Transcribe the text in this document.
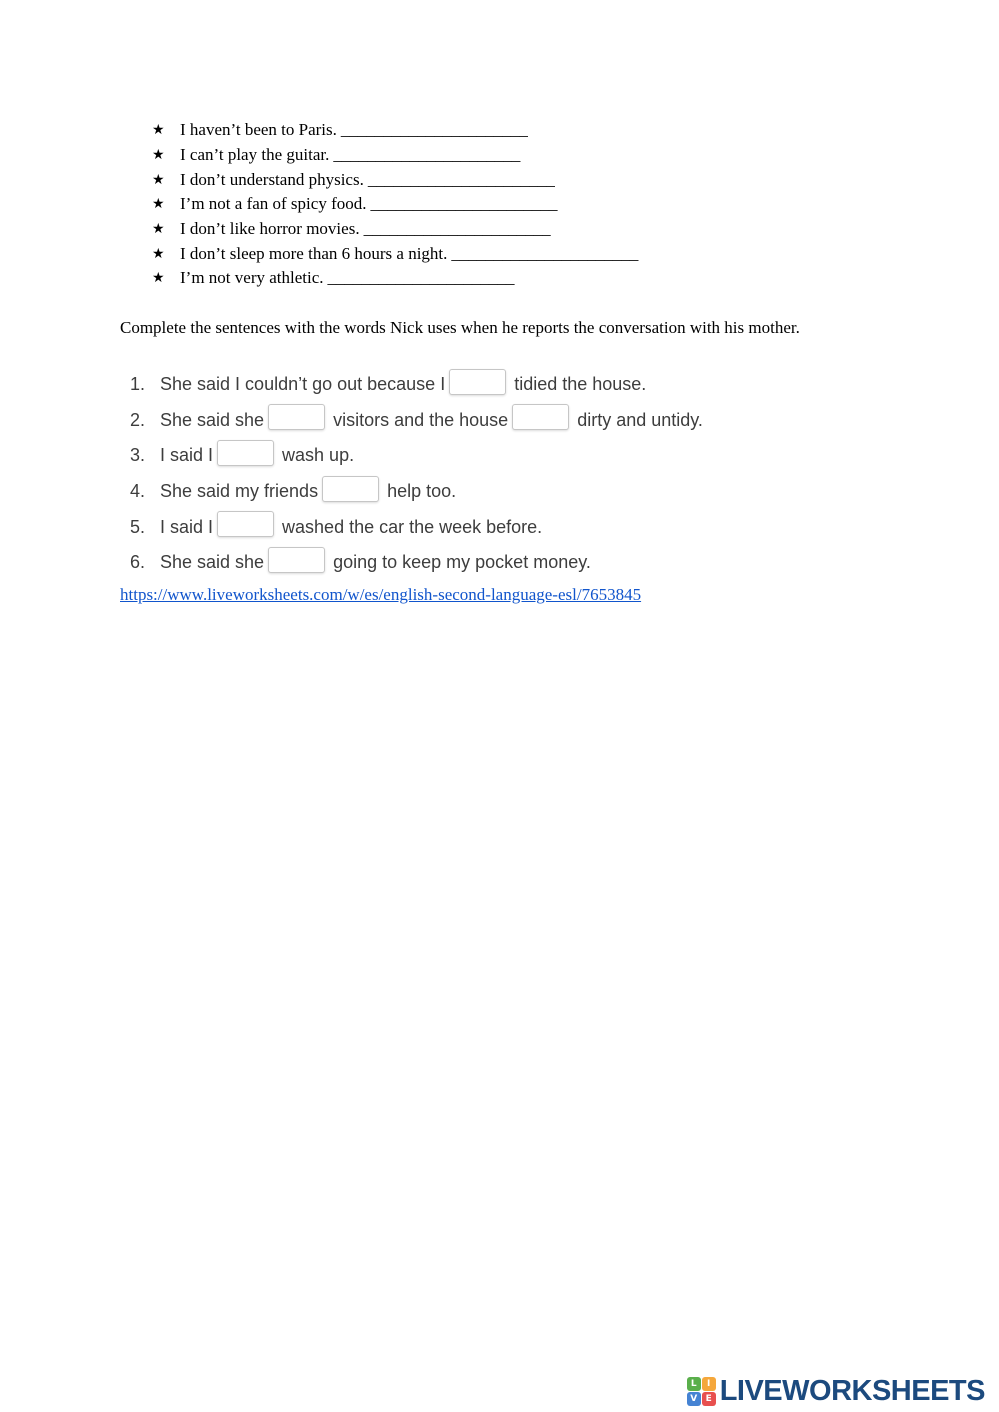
★ I haven’t been to Paris. ______________________
★ I can’t play the guitar. ______________________
★ I don’t understand physics. ______________________
★ I’m not a fan of spicy food. ______________________
★ I don’t like horror movies. ______________________
★ I don’t sleep more than 6 hours a night. ______________________
★ I’m not very athletic. ______________________

Complete the sentences with the words Nick uses when he reports the conversation with his mother.

1. She said I couldn’t go out because I	tidied the house.
2. She said she	visitors and the house	dirty and untidy.
3. I said I	wash up.
4. She said my friends	help too.
5. I said I	washed the car the week before.
6. She said she	going to keep my pocket money.
https://www.liveworksheets.com/w/es/english-second-language-esl/7653845
L	I
V E LIVEWORKSHEETS
